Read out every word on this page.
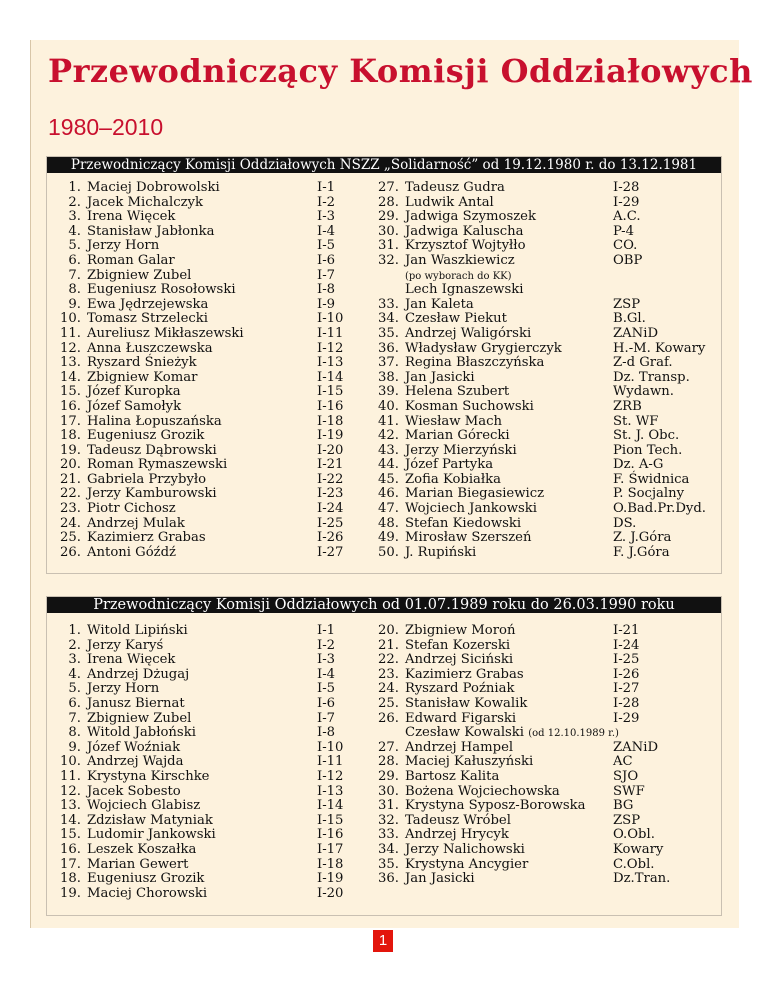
Przewodniczący Komisji Oddziałowych
1980–2010
Przewodniczący Komisji Oddziałowych NSZZ „Solidarność” od 19.12.1980 r. do 13.12.1981
1. Maciej Dobrowolski	I-1
2. Jacek Michalczyk	I-2
3. Irena Więcek	I-3
4. Stanisław Jabłonka	I-4
5. Jerzy Horn	I-5
6. Roman Galar	I-6
7. Zbigniew Zubel	I-7
8. Eugeniusz Rosołowski	I-8
9. Ewa Jędrzejewska	I-9
10. Tomasz Strzelecki	I-10
11. Aureliusz Mikłaszewski	I-11
12. Anna Łuszczewska	I-12
13. Ryszard Śnieżyk	I-13
14. Zbigniew Komar	I-14
15. Józef Kuropka	I-15
16. Józef Samołyk	I-16
17. Halina Łopuszańska	I-18
18. Eugeniusz Grozik	I-19
19. Tadeusz Dąbrowski	I-20
20. Roman Rymaszewski	I-21
21. Gabriela Przybyło	I-22
22. Jerzy Kamburowski	I-23
23. Piotr Cichosz	I-24
24. Andrzej Mulak	I-25
25. Kazimierz Grabas	I-26
26. Antoni Góźdź	I-27
27. Tadeusz Gudra	I-28
28. Ludwik Antal	I-29
29. Jadwiga Szymoszek	A.C.
30. Jadwiga Kaluscha	P-4
31. Krzysztof Wojtyłło	CO.
32. Jan Waszkiewicz	OBP
(po wyborach do KK)
Lech Ignaszewski
33. Jan Kaleta	ZSP
34. Czesław Piekut	B.Gl.
35. Andrzej Waligórski	ZANiD
36. Władysław Grygierczyk	H.-M. Kowary
37. Regina Błaszczyńska	Z-d Graf.
38. Jan Jasicki	Dz. Transp.
39. Helena Szubert	Wydawn.
40. Kosman Suchowski	ZRB
41. Wiesław Mach	St. WF
42. Marian Górecki	St. J. Obc.
43. Jerzy Mierzyński	Pion Tech.
44. Józef Partyka	Dz. A-G
45. Zofia Kobiałka	F. Świdnica
46. Marian Biegasiewicz	P. Socjalny
47. Wojciech Jankowski	O.Bad.Pr.Dyd.
48. Stefan Kiedowski	DS.
49. Mirosław Szerszeń	Z. J.Góra
50. J. Rupiński	F. J.Góra
Przewodniczący Komisji Oddziałowych od 01.07.1989 roku do 26.03.1990 roku
1. Witold Lipiński	I-1
2. Jerzy Karyś	I-2
3. Irena Więcek	I-3
4. Andrzej Dżugaj	I-4
5. Jerzy Horn	I-5
6. Janusz Biernat	I-6
7. Zbigniew Zubel	I-7
8. Witold Jabłoński	I-8
9. Józef Woźniak	I-10
10. Andrzej Wajda	I-11
11. Krystyna Kirschke	I-12
12. Jacek Sobesto	I-13
13. Wojciech Glabisz	I-14
14. Zdzisław Matyniak	I-15
15. Ludomir Jankowski	I-16
16. Leszek Koszałka	I-17
17. Marian Gewert	I-18
18. Eugeniusz Grozik	I-19
19. Maciej Chorowski	I-20
20. Zbigniew Moroń	I-21
21. Stefan Kozerski	I-24
22. Andrzej Siciński	I-25
23. Kazimierz Grabas	I-26
24. Ryszard Poźniak	I-27
25. Stanisław Kowalik	I-28
26. Edward Figarski	I-29
Czesław Kowalski (od 12.10.1989 r.)
27. Andrzej Hampel	ZANiD
28. Maciej Kałuszyński	AC
29. Bartosz Kalita	SJO
30. Bożena Wojciechowska	SWF
31. Krystyna Syposz-Borowska BG
32. Tadeusz Wróbel	ZSP
33. Andrzej Hrycyk	O.Obl.
34. Jerzy Nalichowski	Kowary
35. Krystyna Ancygier	C.Obl.
36. Jan Jasicki	Dz.Tran.
1
